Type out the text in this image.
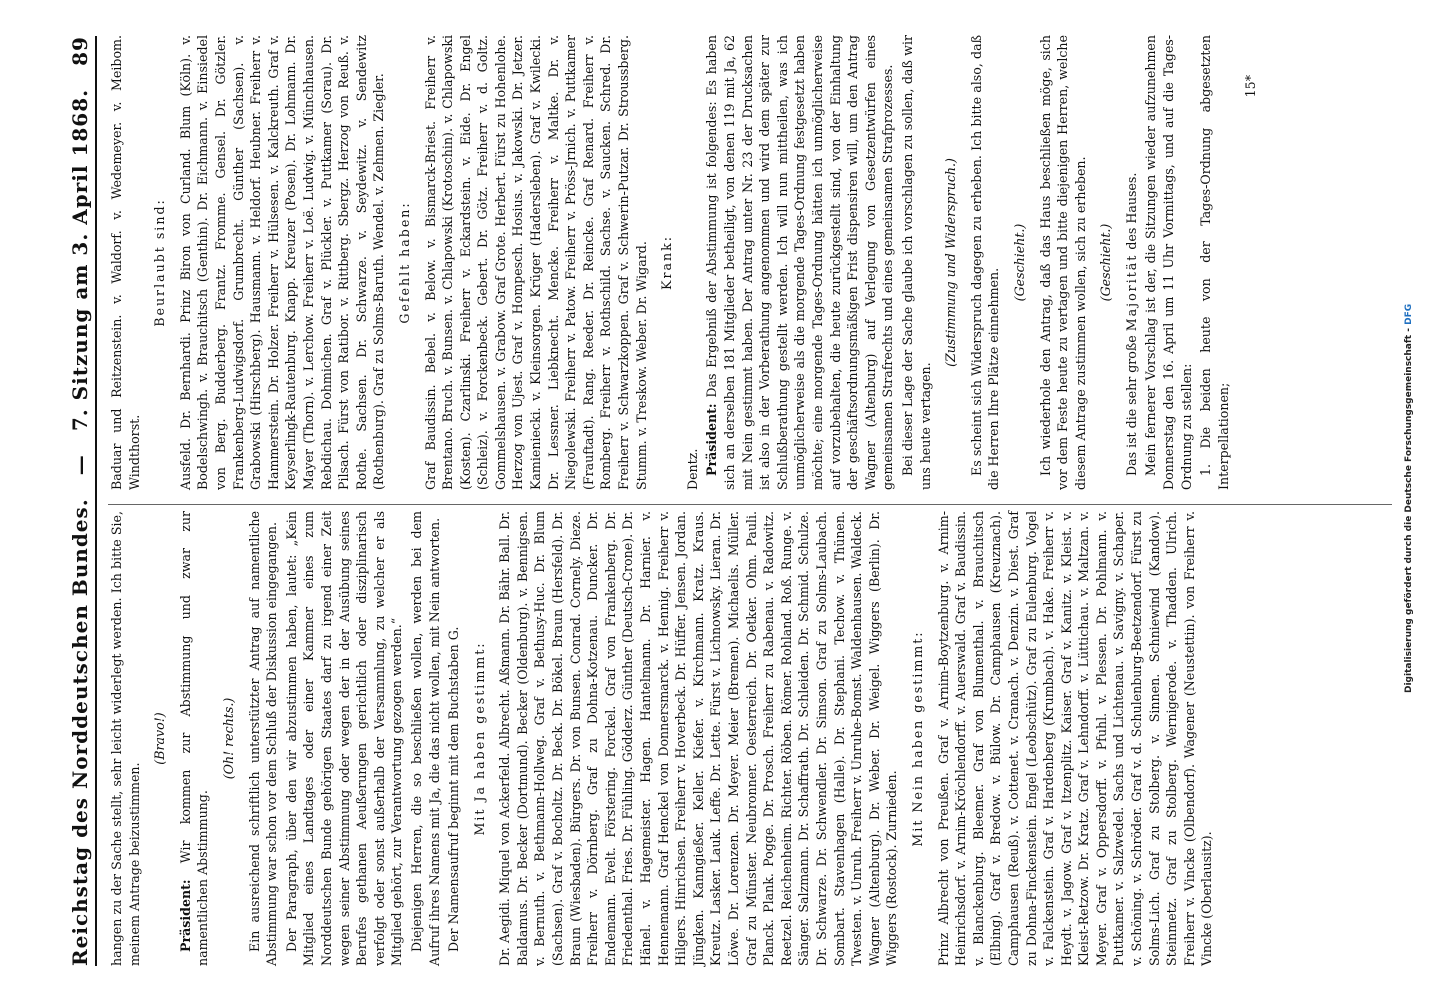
Reichstag des Norddeutschen Bundes.
—
7. Sitzung am 3. April 1868.
89

hangen zu der Sache stellt, sehr leicht widerlegt werden. Ich bitte Sie, meinem Antrage beizustimmen.

(Bravo!)

Präsident: Wir kommen zur Abstimmung und zwar zur namentlichen Abstimmung.

(Oh! rechts.) Ein ausreichend schriftlich unterstützter Antrag auf namentliche Abstimmung war schon vor dem Schluß der Diskussion eingegangen. Der Paragraph, über den wir abzustimmen haben, lautet: „Kein Mitglied eines Landtages oder einer Kammer eines zum Norddeutschen Bunde gehörigen Staates darf zu irgend einer Zeit wegen seiner Abstimmung oder wegen der in der Ausübung seines Berufes gethanen Aeußerungen gerichtlich oder disziplinarisch verfolgt oder sonst außerhalb der Versammlung, zu welcher er als Mitglied gehört, zur Verantwortung gezogen werden.“ Diejenigen Herren, die so beschließen wollen, werden bei dem Aufruf ihres Namens mit Ja, die das nicht wollen, mit Nein antworten. Der Namensaufruf beginnt mit dem Buchstaben G. Mit Ja haben gestimmt: Dr. Aegidi. Miquel von Ackerfeld. Albrecht. Aßmann. Dr. Bähr. Ball. Dr. Baldamus. Dr. Becker (Dortmund). Becker (Oldenburg). v. Bennigsen. v. Bernuth. v. Bethmann-Hollweg. Graf v. Bethusy-Huc. Dr. Blum (Sachsen). Graf v. Bocholtz. Dr. Beck. Dr. Bökel. Braun (Hersfeld). Dr. Braun (Wiesbaden). Bürgers. Dr. von Bunsen. Conrad. Cornely. Dieze. Freiherr v. Dörnberg. Graf zu Dohna-Kotzenau. Duncker. Dr. Endemann. Evelt. Förstering. Forckel. Graf von Frankenberg. Dr. Friedenthal. Fries. Dr. Fühling. Gödderz. Günther (Deutsch-Crone). Dr. Hänel. v. Hagemeister. Hagen. Hantelmann. Dr. Harnier. v. Hennemann. Graf Henckel von Donnersmarck. v. Hennig. Freiherr v. Hilgers. Hinrichsen. Freiherr v. Hoverbeck. Dr. Hüffer. Jensen. Jordan. Jüngken. Kanngießer. Keller. Kiefer. v. Kirchmann. Kratz. Kraus. Kreutz. Lasker. Lauk. Leffe. Dr. Lette. Fürst v. Lichnowsky. Lieran. Dr. Löwe. Dr. Lorenzen. Dr. Meyer. Meier (Bremen). Michaelis. Müller. Graf zu Münster. Neubronner. Oesterreich. Dr. Oetker. Ohm. Pauli. Planck. Plank. Pogge. Dr. Prosch. Freiherr zu Rabenau. v. Radowitz. Reetzel. Reichenheim. Richter. Röben. Römer. Rohland. Roß. Runge. v. Sänger. Salzmann. Dr. Schaffrath. Dr. Schleiden. Dr. Schmid. Schulze. Dr. Schwarze. Dr. Schwendler. Dr. Simson. Graf zu Solms-Laubach. Sombart. Stavenhagen (Halle). Dr. Stephani. Techow. v. Thünen. Twesten. v. Unruh. Freiherr v. Unruhe-Bomst. Waldenhausen. Waldeck. Wagner (Altenburg). Dr. Weber. Dr. Weigel. Wiggers (Berlin). Dr. Wiggers (Rostock). Zurnieden.

Mit Nein haben gestimmt: Prinz Albrecht von Preußen. Graf v. Arnim-Boytzenburg. v. Arnim-Heinrichsdorf. v. Arnim-Kröchlendorff. v. Auerswald. Graf v. Baudissin. v. Blanckenburg. Bleemer. Graf von Blumenthal. v. Brauchitsch (Elbing). Graf v. Bredow. v. Bülow. Dr. Camphausen (Kreuznach). Camphausen (Reuß). v. Cottenet. v. Cranach. v. Denzin. v. Diest. Graf zu Dohna-Finckenstein. Engel (Leobschütz). Graf zu Eulenburg. Vogel v. Falckenstein. Graf v. Hardenberg (Krumbach). v. Hake. Freiherr v. Heydt. v. Jagow. Graf v. Itzenplitz. Kaiser. Graf v. Kanitz. v. Kleist. v. Kleist-Retzow. Dr. Kratz. Graf v. Lehndorff. v. Lüttichau. v. Maltzan. v. Meyer. Graf v. Oppersdorff. v. Pfuhl. v. Plessen. Dr. Pohlmann. v. Puttkamer. v. Salzwedel. Sachs und Lichtenau. v. Savigny. v. Schaper. v. Schöning. v. Schröder. Graf v. d. Schulenburg-Beetzendorf. Fürst zu Solms-Lich. Graf zu Stolberg. v. Sinnen. Schniewind (Kandow). Steinmetz. Graf zu Stolberg. Wernigerode. v. Thadden. Ulrich. Freiherr v. Vincke (Olbendorf). Wagener (Neustettin). von Freiherr v. Vincke (Oberlausitz).

Baduar und Reitzenstein. v. Waldorf. v. Wedemeyer. v. Meibom. Windthorst.

Beurlaubt sind: Ausfeld. Dr. Bernhardi. Prinz Biron von Curland. Blum (Köln). v. Bodelschwingh. v. Brauchitsch (Genthin). Dr. Eichmann. v. Einsiedel von Berg. Budderberg. Frantz. Fromme. Gensel. Dr. Götzler. Frankenberg-Ludwigsdorf. Grumbrecht. Günther (Sachsen). v. Grabowski (Hirschberg). Hausmann. v. Heldorf. Heubner. Freiherr v. Hammerstein. Dr. Holzer. Freiherr v. Hülsesen. v. Kalckreuth. Graf v. Keyserlingk-Rautenburg. Knapp. Kreuzer (Posen). Dr. Lohmann. Dr. Mayer (Thorn). v. Lerchow. Freiherr v. Loë. Ludwig. v. Münchhausen. Rebdichau. Dohmichen. Graf v. Plückler. v. Puttkamer (Sorau). Dr. Pilsach. Fürst von Ratibor. v. Rittberg. Sbergz. Herzog von Reuß. v. Rothe. Sachsen. Dr. Schwarze. v. Seydewitz. v. Sendewitz (Rothenburg). Graf zu Solms-Baruth. Wendel. v. Zehmen. Ziegler. Gefehlt haben: Graf Baudissin. Bebel. v. Below. v. Bismarck-Briest. Freiherr v. Brentano. Bruch. v. Bunsen. v. Chlapowski (Krotoschin). v. Chlapowski (Kosten). Czarlinski. Freiherr v. Eckardstein. v. Eide. Dr. Engel (Schleiz). v. Forckenbeck. Gebert. Dr. Götz. Freiherr v. d. Goltz. Gommelshausen. v. Grabow. Graf Grote. Herbert. Fürst zu Hohenlohe. Herzog von Ujest. Graf v. Hompesch. Hosius. v. Jakowski. Dr. Jetzer. Kamieniecki. v. Kleinsorgen. Krüger (Hadersleben). Graf v. Kwilecki. Dr. Lessner. Liebknecht. Mencke. Freiherr v. Maltke. Dr. v. Niegolewski. Freiherr v. Patow. Freiherr v. Pröss-Jrnich. v. Puttkamer (Frauftadt). Rang. Reeder. Dr. Reincke. Graf Renard. Freiherr v. Romberg. Freiherr v. Rothschild. Sachse. v. Saucken. Schred. Dr. Freiherr v. Schwarzkoppen. Graf v. Schwerin-Putzar. Dr. Stroussberg. Stumm. v. Treskow. Weber. Dr. Wigard. Krank:

Dentz. Präsident: Das Ergebniß der Abstimmung ist folgendes: Es haben sich an derselben 181 Mitglieder betheiligt, von denen 119 mit Ja, 62 mit Nein gestimmt haben. Der Antrag unter Nr. 23 der Drucksachen ist also in der Vorberathung angenommen und wird dem später zur Schlußberathung gestellt werden. Ich will nun mittheilen, was ich unmöglicherweise als die morgende Tages-Ordnung festgesetzt haben möchte; eine morgende Tages-Ordnung hätten ich unmöglicherweise auf vorzubehalten, die heute zurückgestellt sind, von der Einhaltung der geschäftsordnungsmäßigen Frist dispensiren will, um den Antrag Wagner (Altenburg) auf Verlegung von Gesetzentwürfen eines gemeinsamen Strafrechts und eines gemeinsamen Strafprozesses. Bei dieser Lage der Sache glaube ich vorschlagen zu sollen, daß wir uns heute vertagen.

(Zustimmung und Widerspruch.) Es scheint sich Widerspruch dagegen zu erheben. Ich bitte also, daß die Herren Ihre Plätze einnehmen.

(Geschieht.) Ich wiederhole den Antrag, daß das Haus beschließen möge, sich vor dem Feste heute zu vertagen und bitte diejenigen Herren, welche diesem Antrage zustimmen wollen, sich zu erheben. (Geschieht.)

Das ist die sehr große Majorität des Hauses. Mein fernerer Vorschlag ist der, die Sitzungen wieder aufzunehmen Donnerstag den 16. April um 11 Uhr Vormittags, und auf die Tages-Ordnung zu stellen: 1. Die beiden heute von der Tages-Ordnung abgesetzten Interpellationen;

15*

Digitalisierung gefördert durch die Deutsche Forschungsgemeinschaft - DFG
